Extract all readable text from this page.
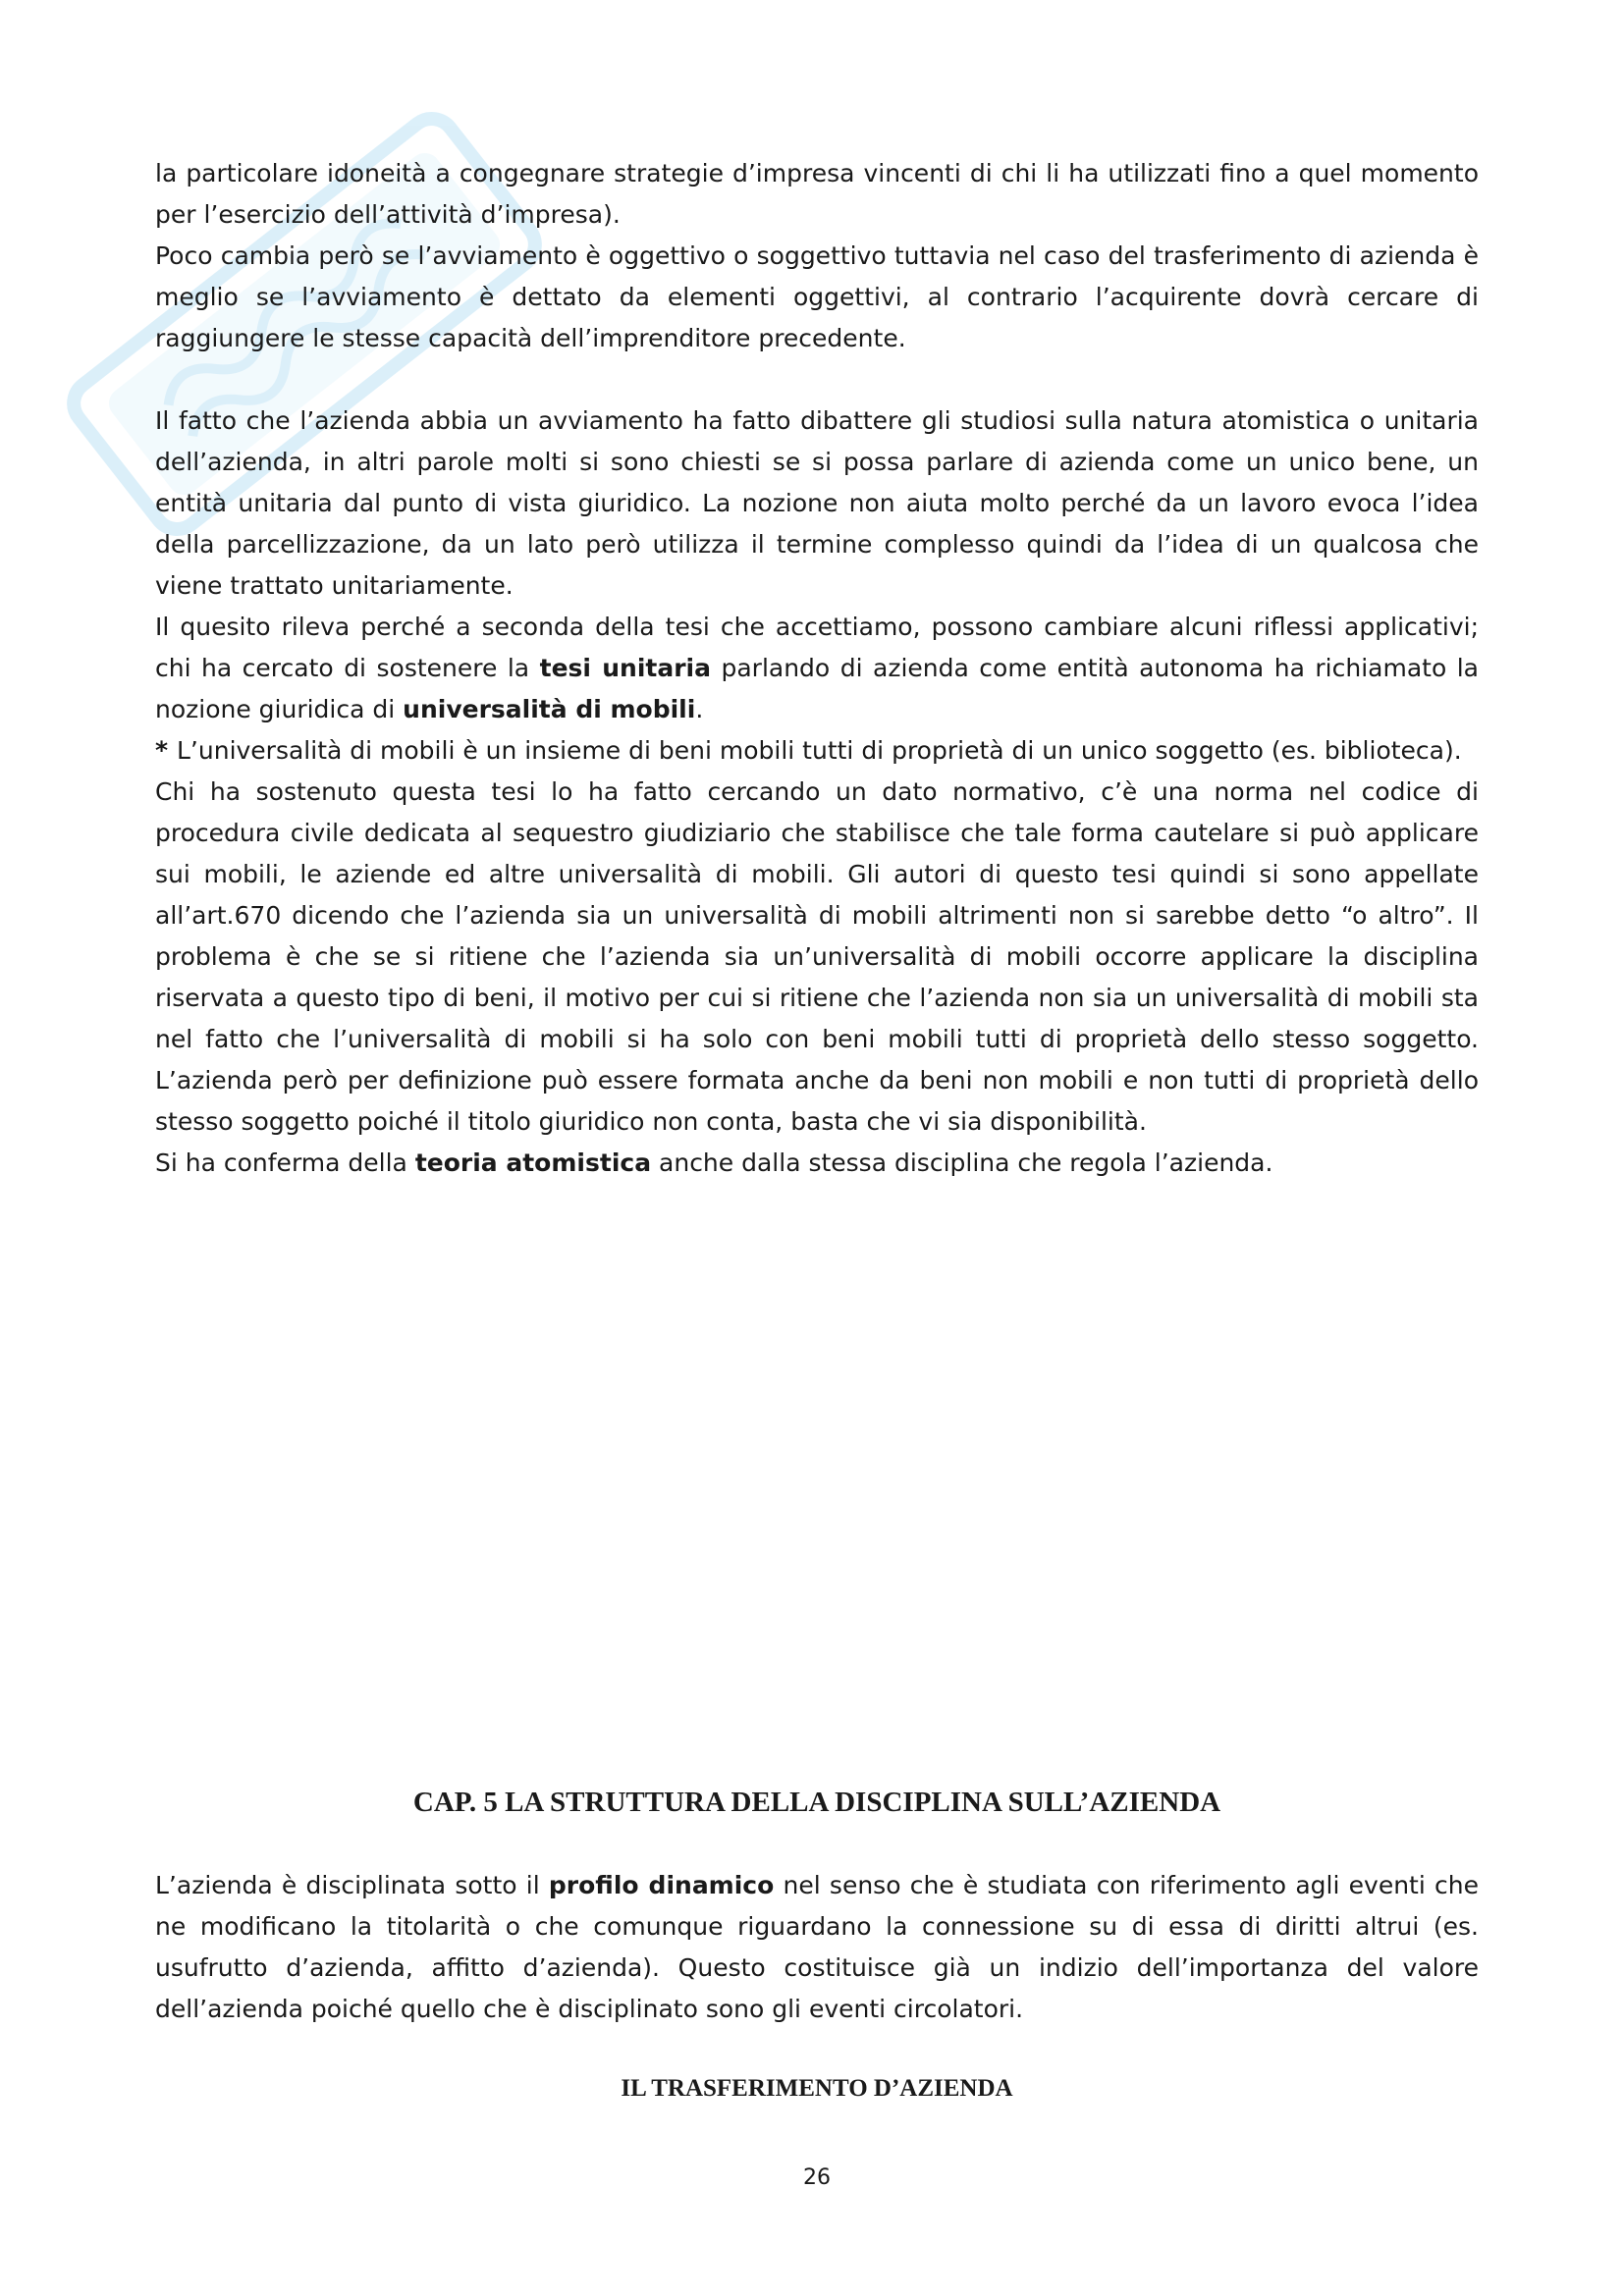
la particolare idoneità a congegnare strategie d’impresa vincenti di chi li ha utilizzati fino a quel momento per l’esercizio dell’attività d’impresa).

Poco cambia però se l’avviamento è oggettivo o soggettivo tuttavia nel caso del trasferimento di azienda è meglio se l’avviamento è dettato da elementi oggettivi, al contrario l’acquirente dovrà cercare di raggiungere le stesse capacità dell’imprenditore precedente.

Il fatto che l’azienda abbia un avviamento ha fatto dibattere gli studiosi sulla natura atomistica o unitaria dell’azienda, in altri parole molti si sono chiesti se si possa parlare di azienda come un unico bene, un entità unitaria dal punto di vista giuridico. La nozione non aiuta molto perché da un lavoro evoca l’idea della parcellizzazione, da un lato però utilizza il termine complesso quindi da l’idea di un qualcosa che viene trattato unitariamente.

Il quesito rileva perché a seconda della tesi che accettiamo, possono cambiare alcuni riflessi applicativi; chi ha cercato di sostenere la tesi unitaria parlando di azienda come entità autonoma ha richiamato la nozione giuridica di universalità di mobili.

* L’universalità di mobili è un insieme di beni mobili tutti di proprietà di un unico soggetto (es. biblioteca).

Chi ha sostenuto questa tesi lo ha fatto cercando un dato normativo, c’è una norma nel codice di procedura civile dedicata al sequestro giudiziario che stabilisce che tale forma cautelare si può applicare sui mobili, le aziende ed altre universalità di mobili. Gli autori di questo tesi quindi si sono appellate all’art.670 dicendo che l’azienda sia un universalità di mobili altrimenti non si sarebbe detto “o altro”. Il problema è che se si ritiene che l’azienda sia un’universalità di mobili occorre applicare la disciplina riservata a questo tipo di beni, il motivo per cui si ritiene che l’azienda non sia un universalità di mobili sta nel fatto che l’universalità di mobili si ha solo con beni mobili tutti di proprietà dello stesso soggetto. L’azienda però per definizione può essere formata anche da beni non mobili e non tutti di proprietà dello stesso soggetto poiché il titolo giuridico non conta, basta che vi sia disponibilità.

Si ha conferma della teoria atomistica anche dalla stessa disciplina che regola l’azienda.

CAP. 5 LA STRUTTURA DELLA DISCIPLINA SULL’AZIENDA

L’azienda è disciplinata sotto il profilo dinamico nel senso che è studiata con riferimento agli eventi che ne modificano la titolarità o che comunque riguardano la connessione su di essa di diritti altrui (es. usufrutto d’azienda, affitto d’azienda). Questo costituisce già un indizio dell’importanza del valore dell’azienda poiché quello che è disciplinato sono gli eventi circolatori.

IL TRASFERIMENTO D’AZIENDA
26
